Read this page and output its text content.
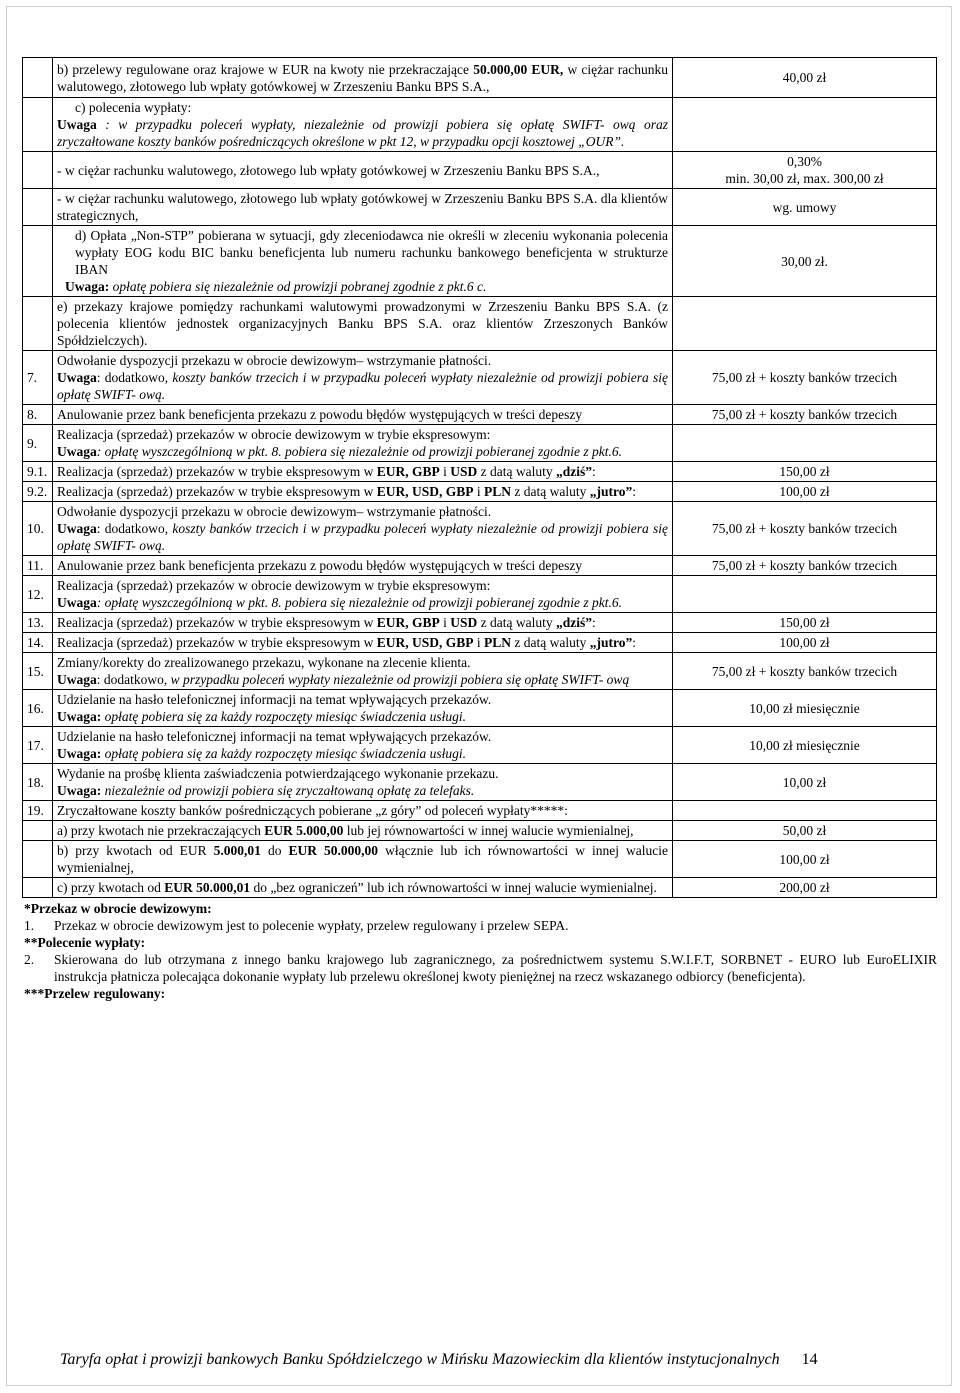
	b) przelewy regulowane oraz krajowe w EUR na kwoty nie przekraczające 50.000,00 EUR, w ciężar rachunku walutowego, złotowego lub wpłaty gotówkowej w Zrzeszeniu Banku BPS S.A.,	40,00 zł

	c) polecenia wypłaty:
Uwaga : w przypadku poleceń wypłaty, niezależnie od prowizji pobiera się opłatę SWIFT- ową oraz zryczałtowane koszty banków pośredniczących określone w pkt 12, w przypadku opcji kosztowej „OUR”.	

	- w ciężar rachunku walutowego, złotowego lub wpłaty gotówkowej w Zrzeszeniu Banku BPS S.A.,	0,30%
min. 30,00 zł, max. 300,00 zł

	- w ciężar rachunku walutowego, złotowego lub wpłaty gotówkowej w Zrzeszeniu Banku BPS S.A. dla klientów strategicznych,	wg. umowy

	d) Opłata „Non-STP” pobierana w sytuacji, gdy zleceniodawca nie określi w zleceniu wykonania polecenia wypłaty EOG kodu BIC banku beneficjenta lub numeru rachunku bankowego beneficjenta w strukturze IBAN
Uwaga: opłatę pobiera się niezależnie od prowizji pobranej zgodnie z pkt.6 c.	30,00 zł.
	e) przekazy krajowe pomiędzy rachunkami walutowymi prowadzonymi w Zrzeszeniu Banku BPS S.A. (z polecenia klientów jednostek organizacyjnych Banku BPS S.A. oraz klientów Zrzeszonych Banków Spółdzielczych).	
7.	Odwołanie dyspozycji przekazu w obrocie dewizowym– wstrzymanie płatności.
Uwaga: dodatkowo, koszty banków trzecich i w przypadku poleceń wypłaty niezależnie od prowizji pobiera się opłatę SWIFT- ową.	75,00 zł + koszty banków trzecich
8.	Anulowanie przez bank beneficjenta przekazu z powodu błędów występujących w treści depeszy	75,00 zł + koszty banków trzecich
9.	Realizacja (sprzedaż) przekazów w obrocie dewizowym w trybie ekspresowym:
Uwaga: opłatę wyszczególnioną w pkt. 8. pobiera się niezależnie od prowizji pobieranej zgodnie z pkt.6.	

9.1.	Realizacja (sprzedaż) przekazów w trybie ekspresowym w EUR, GBP i USD z datą waluty „dziś”:	150,00 zł
9.2.	Realizacja (sprzedaż) przekazów w trybie ekspresowym w EUR, USD, GBP i PLN z datą waluty „jutro”:	100,00 zł
10.	Odwołanie dyspozycji przekazu w obrocie dewizowym– wstrzymanie płatności.
Uwaga: dodatkowo, koszty banków trzecich i w przypadku poleceń wypłaty niezależnie od prowizji pobiera się opłatę SWIFT- ową.	75,00 zł + koszty banków trzecich
11.	Anulowanie przez bank beneficjenta przekazu z powodu błędów występujących w treści depeszy	75,00 zł + koszty banków trzecich
12.	Realizacja (sprzedaż) przekazów w obrocie dewizowym w trybie ekspresowym:
Uwaga: opłatę wyszczególnioną w pkt. 8. pobiera się niezależnie od prowizji pobieranej zgodnie z pkt.6.	

13.	Realizacja (sprzedaż) przekazów w trybie ekspresowym w EUR, GBP i USD z datą waluty „dziś”:	150,00 zł
14.	Realizacja (sprzedaż) przekazów w trybie ekspresowym w EUR, USD, GBP i PLN z datą waluty „jutro”:	100,00 zł
15.	Zmiany/korekty do zrealizowanego przekazu, wykonane na zlecenie klienta.
Uwaga: dodatkowo, w przypadku poleceń wypłaty niezależnie od prowizji pobiera się opłatę SWIFT- ową	75,00 zł + koszty banków trzecich
16.	Udzielanie na hasło telefonicznej informacji na temat wpływających przekazów.
Uwaga: opłatę pobiera się za każdy rozpoczęty miesiąc świadczenia usługi.	10,00 zł miesięcznie
17.	Udzielanie na hasło telefonicznej informacji na temat wpływających przekazów.
Uwaga: opłatę pobiera się za każdy rozpoczęty miesiąc świadczenia usługi.	10,00 zł miesięcznie
18.	Wydanie na prośbę klienta zaświadczenia potwierdzającego wykonanie przekazu.
Uwaga: niezależnie od prowizji pobiera się zryczałtowaną opłatę za telefaks.	10,00 zł
19.	Zryczałtowane koszty banków pośredniczących pobierane „z góry” od poleceń wypłaty*****:	
	a) przy kwotach nie przekraczających EUR 5.000,00 lub jej równowartości w innej walucie wymienialnej,	50,00 zł
	b) przy kwotach od EUR 5.000,01 do EUR 50.000,00 włącznie lub ich równowartości w innej walucie wymienialnej,	100,00 zł
	c) przy kwotach od EUR 50.000,01 do „bez ograniczeń” lub ich równowartości w innej walucie wymienialnej.	200,00 zł
*Przekaz w obrocie dewizowym:
1.	Przekaz w obrocie dewizowym jest to polecenie wypłaty, przelew regulowany i przelew SEPA.
**Polecenie wypłaty:
2.	Skierowana do lub otrzymana z innego banku krajowego lub zagranicznego, za pośrednictwem systemu S.W.I.F.T, SORBNET - EURO lub EuroELIXIR instrukcja płatnicza polecająca dokonanie wypłaty lub przelewu określonej kwoty pieniężnej na rzecz wskazanego odbiorcy (beneficjenta).
***Przelew regulowany:
Taryfa opłat i prowizji bankowych Banku Spółdzielczego w Mińsku Mazowieckim dla klientów instytucjonalnych 14
